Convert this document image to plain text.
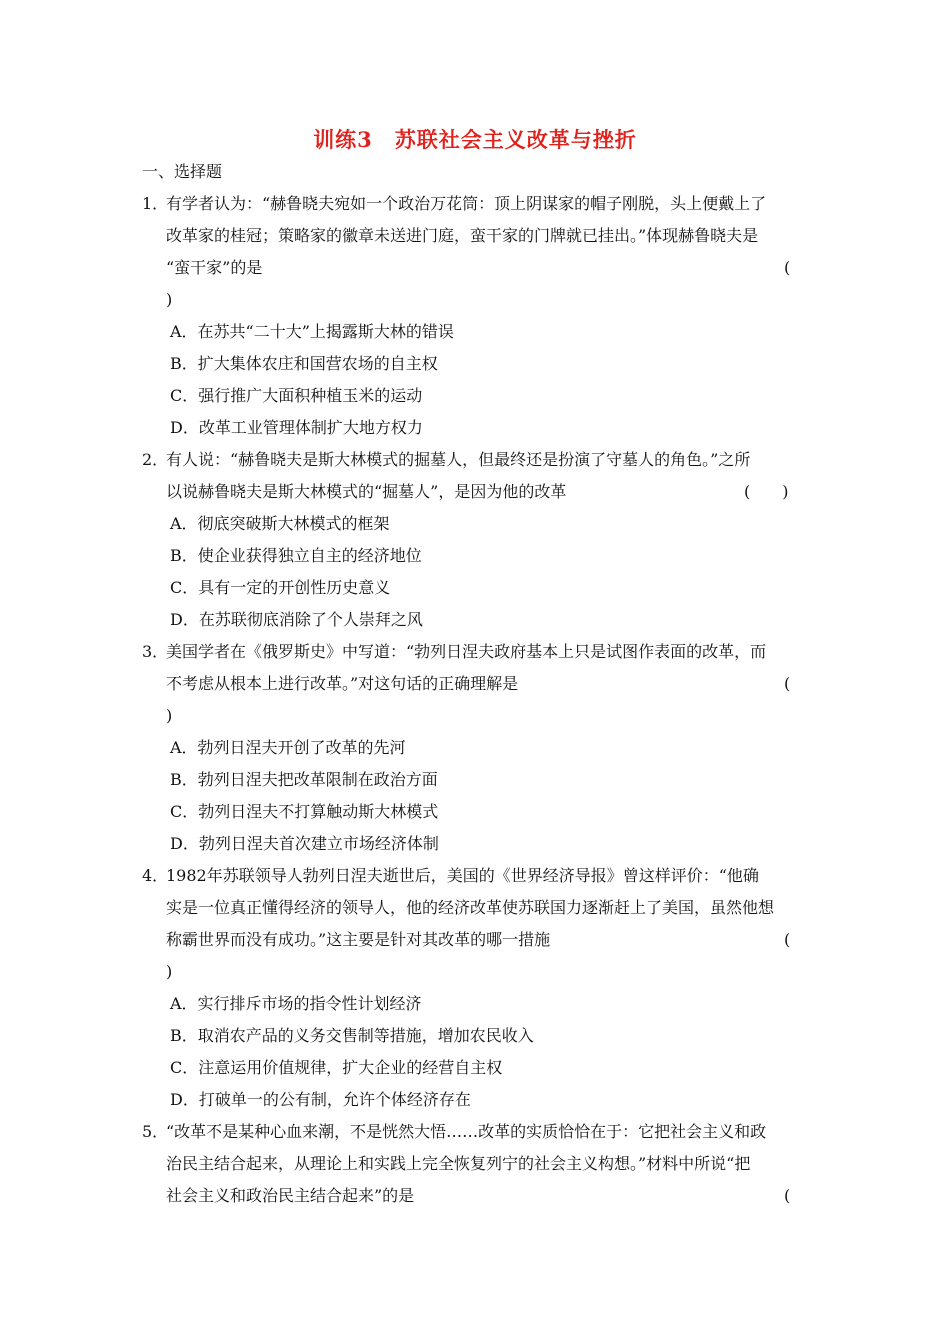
训练3　苏联社会主义改革与挫折
一、选择题
1．
有学者认为：“赫鲁晓夫宛如一个政治万花筒：顶上阴谋家的帽子刚脱，头上便戴上了
改革家的桂冠；策略家的徽章未送进门庭，蛮干家的门牌就已挂出。”体现赫鲁晓夫是
“蛮干家”的是	(
)
A．在苏共“二十大”上揭露斯大林的错误
B．扩大集体农庄和国营农场的自主权
C．强行推广大面积种植玉米的运动
D．改革工业管理体制扩大地方权力
2．
有人说：“赫鲁晓夫是斯大林模式的掘墓人，但最终还是扮演了守墓人的角色。”之所
以说赫鲁晓夫是斯大林模式的“掘墓人”，是因为他的改革	(　　)
A．彻底突破斯大林模式的框架
B．使企业获得独立自主的经济地位
C．具有一定的开创性历史意义
D．在苏联彻底消除了个人崇拜之风
3．
美国学者在《俄罗斯史》中写道：“勃列日涅夫政府基本上只是试图作表面的改革，而
不考虑从根本上进行改革。”对这句话的正确理解是	(
)
A．勃列日涅夫开创了改革的先河
B．勃列日涅夫把改革限制在政治方面
C．勃列日涅夫不打算触动斯大林模式
D．勃列日涅夫首次建立市场经济体制
4．
1982年苏联领导人勃列日涅夫逝世后，美国的《世界经济导报》曾这样评价：“他确
实是一位真正懂得经济的领导人，他的经济改革使苏联国力逐渐赶上了美国，虽然他想
称霸世界而没有成功。”这主要是针对其改革的哪一措施	(
)
A．实行排斥市场的指令性计划经济
B．取消农产品的义务交售制等措施，增加农民收入
C．注意运用价值规律，扩大企业的经营自主权
D．打破单一的公有制，允许个体经济存在
5．
“改革不是某种心血来潮，不是恍然大悟……改革的实质恰恰在于：它把社会主义和政
治民主结合起来，从理论上和实践上完全恢复列宁的社会主义构想。”材料中所说“把
社会主义和政治民主结合起来”的是	(
